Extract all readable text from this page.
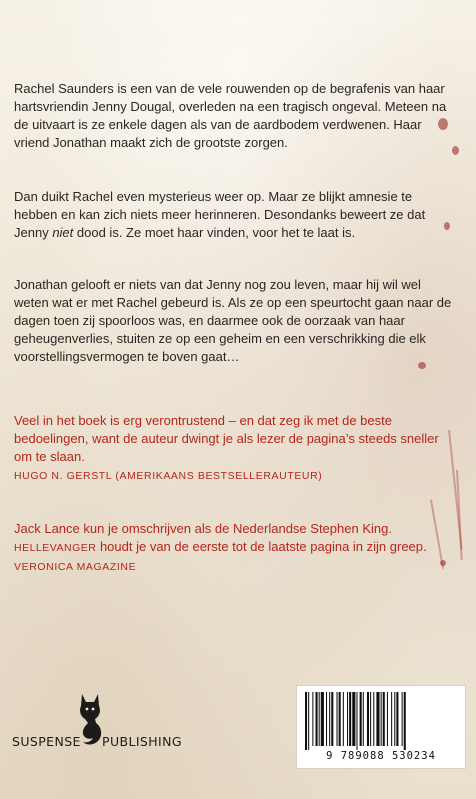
Rachel Saunders is een van de vele rouwenden op de begrafenis van haar hartsvriendin Jenny Dougal, overleden na een tragisch ongeval. Meteen na de uitvaart is ze enkele dagen als van de aardbodem verdwenen. Haar vriend Jonathan maakt zich de grootste zorgen.

Dan duikt Rachel even mysterieus weer op. Maar ze blijkt amnesie te hebben en kan zich niets meer herinneren. Desondanks beweert ze dat Jenny niet dood is. Ze moet haar vinden, voor het te laat is.

Jonathan gelooft er niets van dat Jenny nog zou leven, maar hij wil wel weten wat er met Rachel gebeurd is. Als ze op een speurtocht gaan naar de dagen toen zij spoorloos was, en daarmee ook de oorzaak van haar geheugenverlies, stuiten ze op een geheim en een verschrikking die elk voorstellingsvermogen te boven gaat…

Veel in het boek is erg verontrustend – en dat zeg ik met de beste bedoelingen, want de auteur dwingt je als lezer de pagina’s steeds sneller om te slaan.

HUGO N. GERSTL (AMERIKAANS BESTSELLERAUTEUR)

Jack Lance kun je omschrijven als de Nederlandse Stephen King. HELLEVANGER houdt je van de eerste tot de laatste pagina in zijn greep.

VERONICA MAGAZINE
SUSPENSE PUBLISHING
9 789088 530234
